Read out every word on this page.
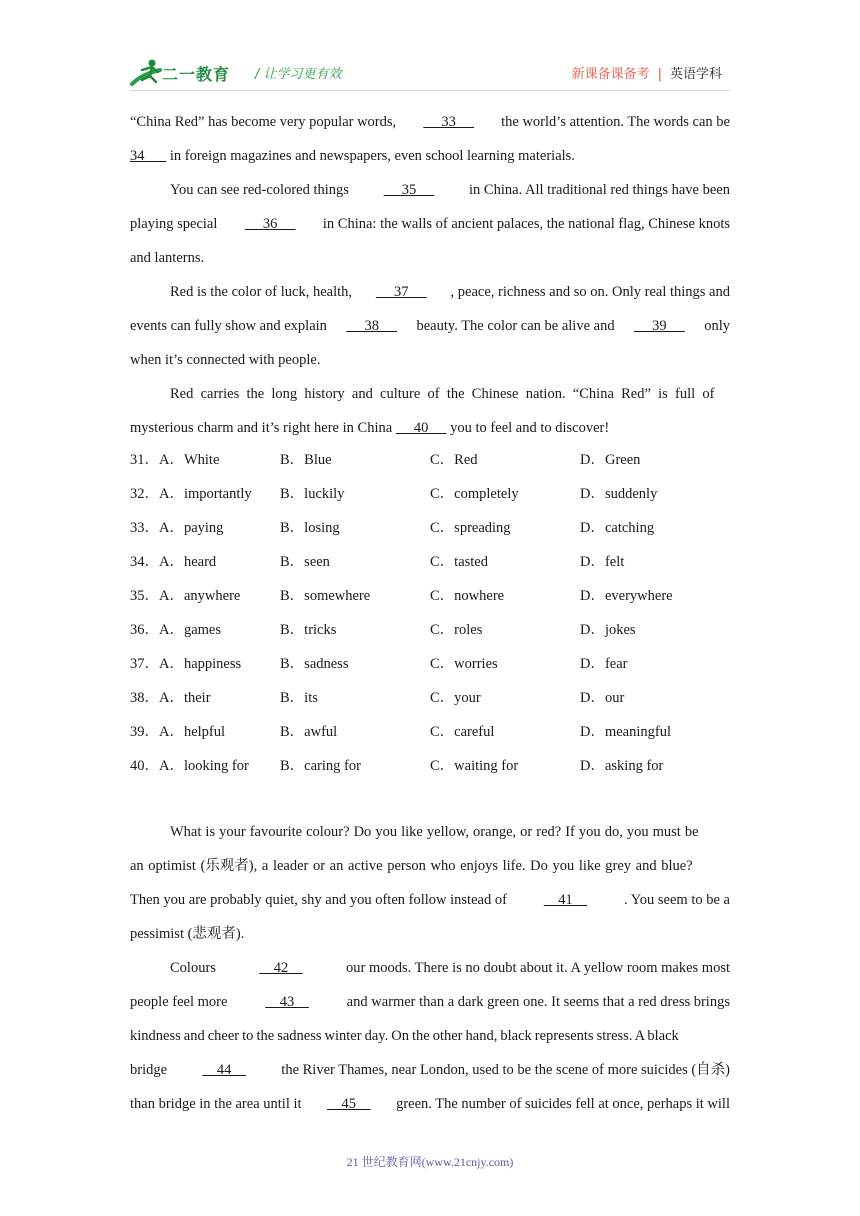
二一教育 / 让学习更有效	新课备课备考 | 英语学科
“China Red” has become very popular words, 33 the world’s attention. The words can be
34       in foreign magazines and newspapers, even school learning materials.
You can see red-colored things 35 in China. All traditional red things have been
playing special 36 in China: the walls of ancient palaces, the national flag, Chinese knots
and lanterns.
Red is the color of luck, health, 37 , peace, richness and so on. Only real things and
events can fully show and explain 38 beauty. The color can be alive and 39 only
when it’s connected with people.
Red carries the long history and culture of the Chinese nation. “China Red” is full of
mysterious charm and it’s right here in China      40      you to feel and to discover!
31．A．White	B．Blue	C．Red	D．Green
32．A．importantly B．luckily	C．completely	D．suddenly
33．A．paying	B．losing	C．spreading	D．catching
34．A．heard	B．seen	C．tasted	D．felt
35．A．anywhere	B．somewhere	C．nowhere	D．everywhere
36．A．games	B．tricks	C．roles	D．jokes
37．A．happiness	B．sadness	C．worries	D．fear
38．A．their	B．its	C．your	D．our
39．A．helpful	B．awful	C．careful	D．meaningful
40．A．looking for B．caring for	C．waiting for	D．asking for
What is your favourite colour? Do you like yellow, orange, or red? If you do, you must be
an optimist (乐观者), a leader or an active person who enjoys life. Do you like grey and blue?
Then you are probably quiet, shy and you often follow instead of	41	. You seem to be a
pessimist (悲观者).
Colours	42	our moods. There is no doubt about it. A yellow room makes most
people feel more	43	and warmer than a dark green one. It seems that a red dress brings
kindness and cheer to the sadness winter day. On the other hand, black represents stress. A black
bridge 44 the River Thames, near London, used to be the scene of more suicides (自杀)
than bridge in the area until it 45 green. The number of suicides fell at once, perhaps it will
21 世纪教育网(www.21cnjy.com)
